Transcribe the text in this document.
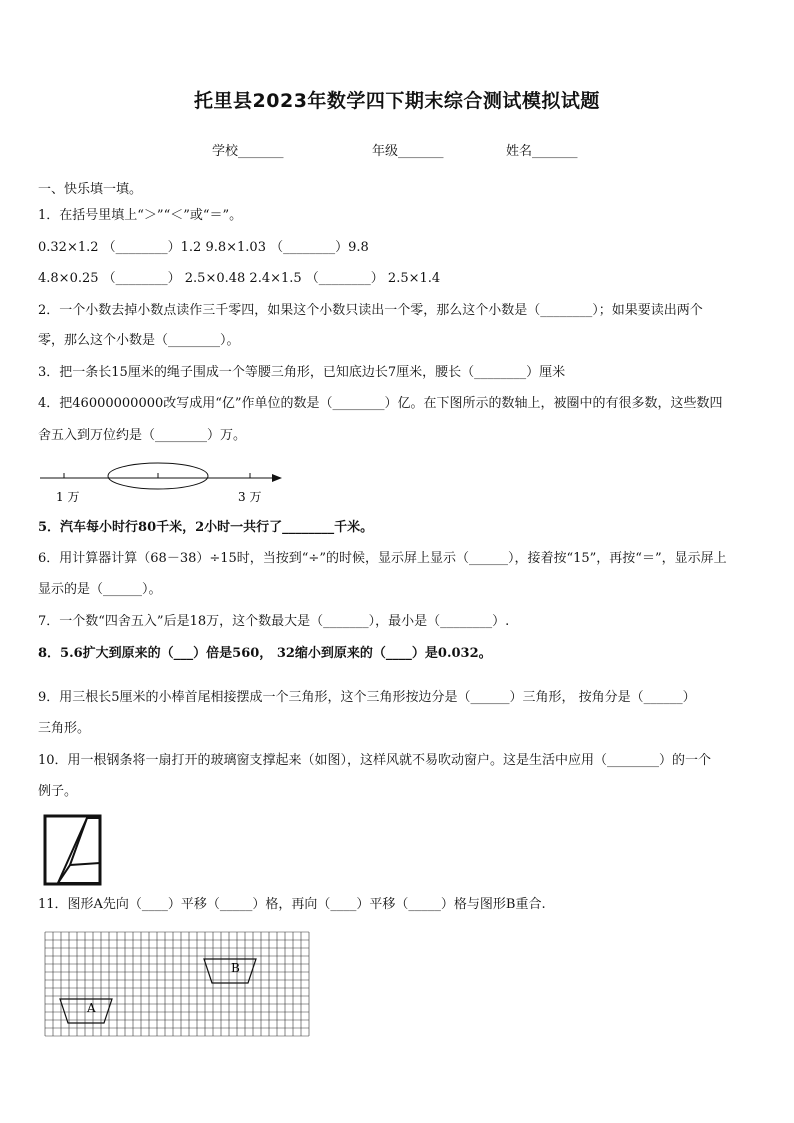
托里县2023年数学四下期末综合测试模拟试题
学校_______	年级_______	姓名_______
一、快乐填一填。
1．在括号里填上“＞”“＜”或“＝”。
0.32×1.2 （________）1.2 9.8×1.03 （________）9.8
4.8×0.25 （________） 2.5×0.48 2.4×1.5 （________） 2.5×1.4
2．一个小数去掉小数点读作三千零四，如果这个小数只读出一个零，那么这个小数是（________）；如果要读出两个
零，那么这个小数是（________）。
3．把一条长15厘米的绳子围成一个等腰三角形，已知底边长7厘米，腰长（________）厘米
4．把46000000000改写成用“亿”作单位的数是（________）亿。在下图所示的数轴上，被圈中的有很多数，这些数四
舍五入到万位约是（________）万。
1 万	3 万
5．汽车每小时行80千米，2小时一共行了________千米。
6．用计算器计算（68－38）÷15时，当按到“÷”的时候，显示屏上显示（______），接着按“15”，再按“＝”，显示屏上
显示的是（______）。
7．一个数“四舍五入”后是18万，这个数最大是（_______），最小是（________）.
8．5.6扩大到原来的（___）倍是560， 32缩小到原来的（____）是0.032。
9．用三根长5厘米的小棒首尾相接摆成一个三角形，这个三角形按边分是（______）三角形， 按角分是（______）
三角形。
10．用一根钢条将一扇打开的玻璃窗支撑起来（如图），这样风就不易吹动窗户。这是生活中应用（________）的一个
例子。
11．图形A先向（____）平移（_____）格，再向（____）平移（_____）格与图形B重合.
B
A
